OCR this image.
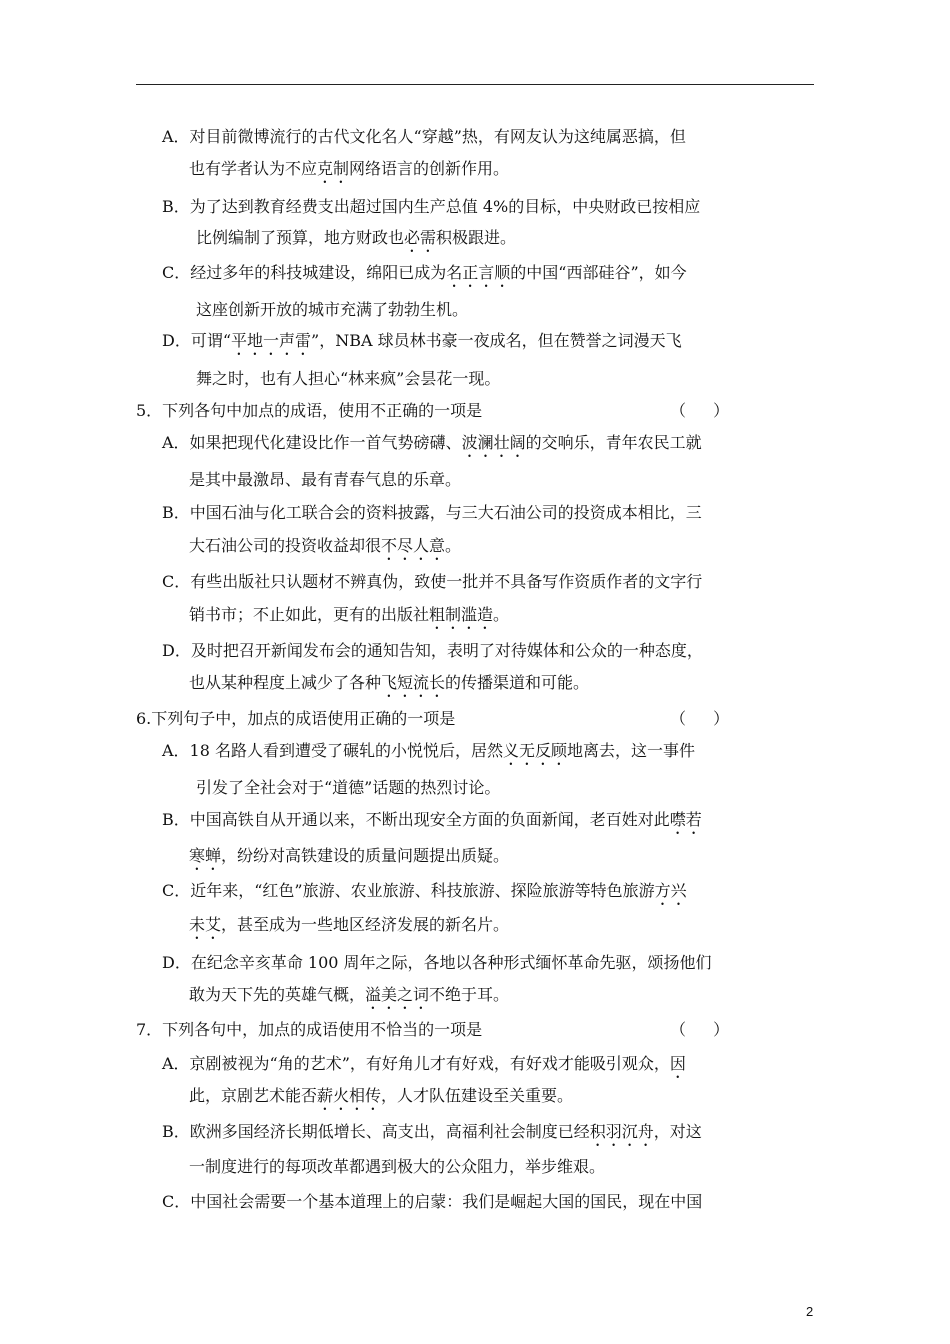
A．对目前微博流行的古代文化名人“穿越”热，有网友认为这纯属恶搞，但
也有学者认为不应克制网络语言的创新作用。
B．为了达到教育经费支出超过国内生产总值 4%的目标，中央财政已按相应
比例编制了预算，地方财政也必需积极跟进。
C．经过多年的科技城建设，绵阳已成为名正言顺的中国“西部硅谷”，如今
这座创新开放的城市充满了勃勃生机。
D．可谓“平地一声雷”，NBA 球员林书豪一夜成名，但在赞誉之词漫天飞
舞之时，也有人担心“林来疯”会昙花一现。
5．下列各句中加点的成语，使用不正确的一项是	（　 ）
A．如果把现代化建设比作一首气势磅礴、波澜壮阔的交响乐，青年农民工就
是其中最激昂、最有青春气息的乐章。
B．中国石油与化工联合会的资料披露，与三大石油公司的投资成本相比，三
大石油公司的投资收益却很不尽人意。
C．有些出版社只认题材不辨真伪，致使一批并不具备写作资质作者的文字行
销书市；不止如此，更有的出版社粗制滥造。
D．及时把召开新闻发布会的通知告知，表明了对待媒体和公众的一种态度，
也从某种程度上减少了各种飞短流长的传播渠道和可能。
6.下列句子中，加点的成语使用正确的一项是	（　 ）
A．18 名路人看到遭受了碾轧的小悦悦后，居然义无反顾地离去，这一事件
引发了全社会对于“道德”话题的热烈讨论。
B．中国高铁自从开通以来，不断出现安全方面的负面新闻，老百姓对此噤若
寒蝉，纷纷对高铁建设的质量问题提出质疑。
C．近年来，“红色”旅游、农业旅游、科技旅游、探险旅游等特色旅游方兴
未艾，甚至成为一些地区经济发展的新名片。
D．在纪念辛亥革命 100 周年之际，各地以各种形式缅怀革命先驱，颂扬他们
敢为天下先的英雄气概，溢美之词不绝于耳。
7．下列各句中，加点的成语使用不恰当的一项是	（　 ）
A．京剧被视为“角的艺术”，有好角儿才有好戏，有好戏才能吸引观众，因
此，京剧艺术能否薪火相传，人才队伍建设至关重要。
B．欧洲多国经济长期低增长、高支出，高福利社会制度已经积羽沉舟，对这
一制度进行的每项改革都遇到极大的公众阻力，举步维艰。
C．中国社会需要一个基本道理上的启蒙：我们是崛起大国的国民，现在中国
2
